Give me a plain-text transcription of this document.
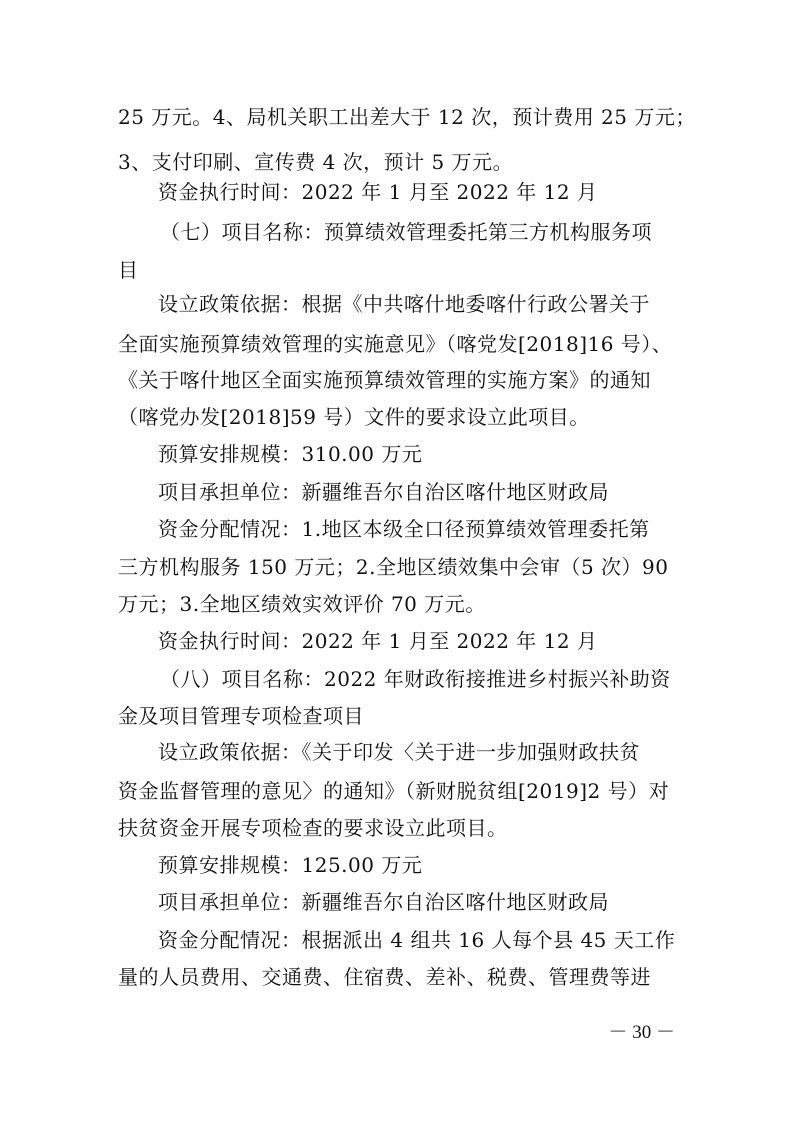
25 万元。4、局机关职工出差大于 12 次，预计费用 25 万元；
3、支付印刷、宣传费 4 次，预计 5 万元。
资金执行时间：2022 年 1 月至 2022 年 12 月
（七）项目名称：预算绩效管理委托第三方机构服务项
目
设立政策依据：根据《中共喀什地委喀什行政公署关于
全面实施预算绩效管理的实施意见》（喀党发[2018]16 号）、
《关于喀什地区全面实施预算绩效管理的实施方案》的通知
（喀党办发[2018]59 号）文件的要求设立此项目。
预算安排规模：310.00 万元
项目承担单位：新疆维吾尔自治区喀什地区财政局
资金分配情况：1.地区本级全口径预算绩效管理委托第
三方机构服务 150 万元；2.全地区绩效集中会审（5 次）90
万元；3.全地区绩效实效评价 70 万元。
资金执行时间：2022 年 1 月至 2022 年 12 月
（八）项目名称：2022 年财政衔接推进乡村振兴补助资
金及项目管理专项检查项目
设立政策依据：《关于印发〈关于进一步加强财政扶贫
资金监督管理的意见〉的通知》（新财脱贫组[2019]2 号）对
扶贫资金开展专项检查的要求设立此项目。
预算安排规模：125.00 万元
项目承担单位：新疆维吾尔自治区喀什地区财政局
资金分配情况：根据派出 4 组共 16 人每个县 45 天工作
量的人员费用、交通费、住宿费、差补、税费、管理费等进
－ 30 －
